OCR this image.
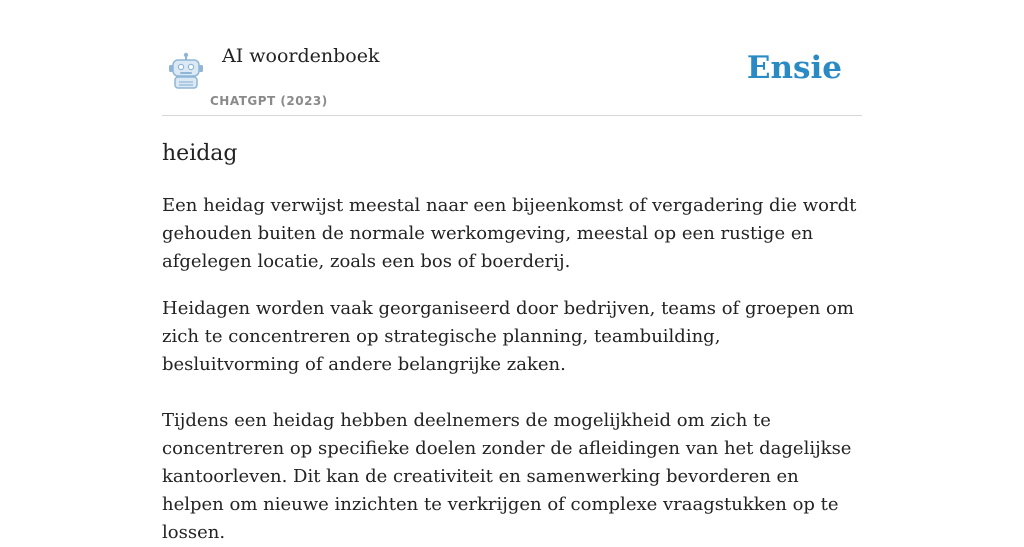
AI woordenboek
CHATGPT (2023)
Ensie
heidag

Een heidag verwijst meestal naar een bijeenkomst of vergadering die wordt gehouden buiten de normale werkomgeving, meestal op een rustige en afgelegen locatie, zoals een bos of boerderij.

Heidagen worden vaak georganiseerd door bedrijven, teams of groepen om zich te concentreren op strategische planning, teambuilding, besluitvorming of andere belangrijke zaken.

Tijdens een heidag hebben deelnemers de mogelijkheid om zich te concentreren op specifieke doelen zonder de afleidingen van het dagelijkse kantoorleven. Dit kan de creativiteit en samenwerking bevorderen en helpen om nieuwe inzichten te verkrijgen of complexe vraagstukken op te lossen.
